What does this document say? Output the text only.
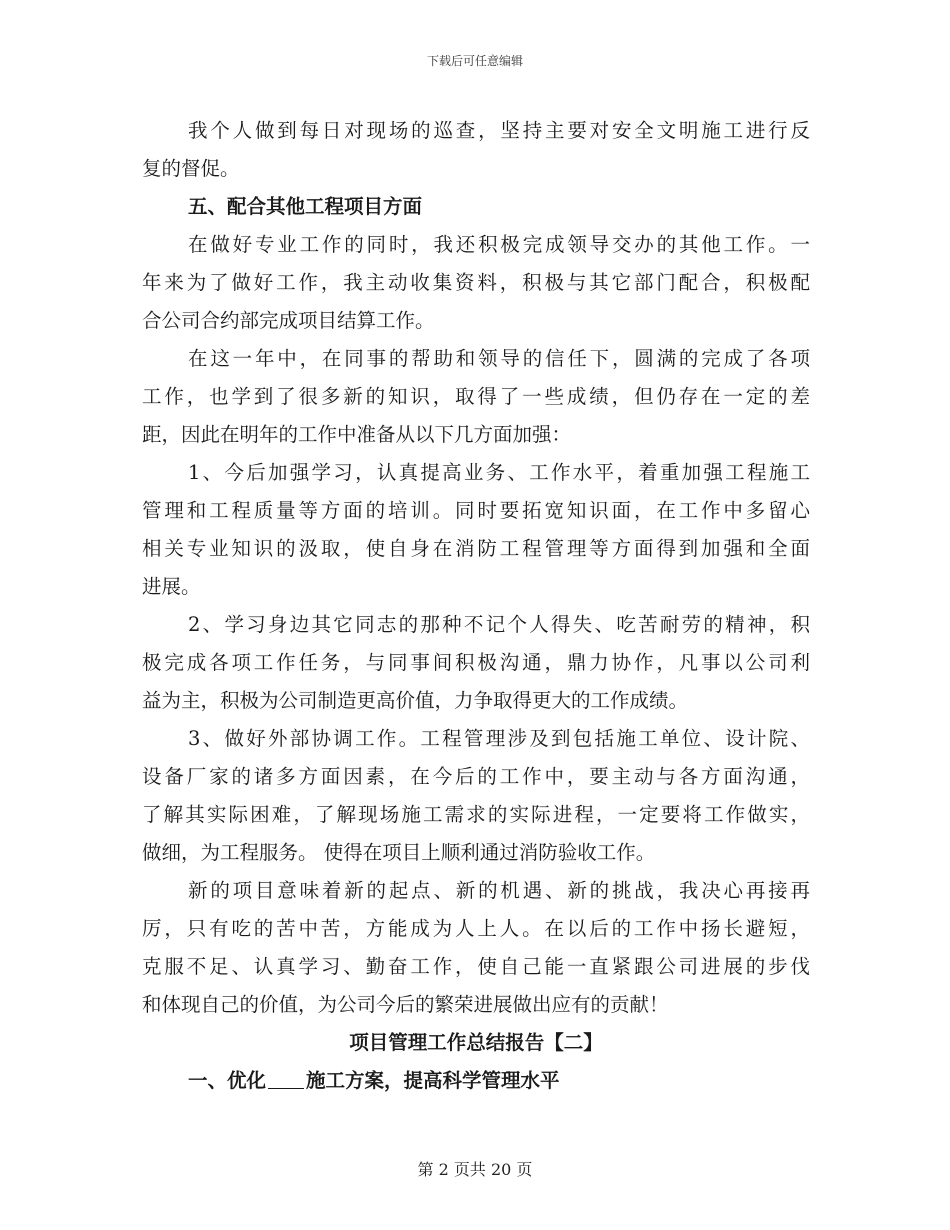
下载后可任意编辑
我个人做到每日对现场的巡查，坚持主要对安全文明施工进行反
复的督促。
五、配合其他工程项目方面
在做好专业工作的同时，我还积极完成领导交办的其他工作。一
年来为了做好工作，我主动收集资料，积极与其它部门配合，积极配
合公司合约部完成项目结算工作。
在这一年中，在同事的帮助和领导的信任下，圆满的完成了各项
工作，也学到了很多新的知识，取得了一些成绩，但仍存在一定的差
距，因此在明年的工作中准备从以下几方面加强：
1、今后加强学习，认真提高业务、工作水平，着重加强工程施工
管理和工程质量等方面的培训。同时要拓宽知识面，在工作中多留心
相关专业知识的汲取，使自身在消防工程管理等方面得到加强和全面
进展。
2、学习身边其它同志的那种不记个人得失、吃苦耐劳的精神，积
极完成各项工作任务，与同事间积极沟通，鼎力协作，凡事以公司利
益为主，积极为公司制造更高价值，力争取得更大的工作成绩。
3、做好外部协调工作。工程管理涉及到包括施工单位、设计院、
设备厂家的诸多方面因素，在今后的工作中，要主动与各方面沟通，
了解其实际困难，了解现场施工需求的实际进程，一定要将工作做实，
做细，为工程服务。 使得在项目上顺利通过消防验收工作。
新的项目意味着新的起点、新的机遇、新的挑战，我决心再接再
厉，只有吃的苦中苦，方能成为人上人。在以后的工作中扬长避短，
克服不足、认真学习、勤奋工作，使自己能一直紧跟公司进展的步伐
和体现自己的价值，为公司今后的繁荣进展做出应有的贡献！
项目管理工作总结报告【二】
一、优化 施工方案，提高科学管理水平
第 2 页共 20 页
